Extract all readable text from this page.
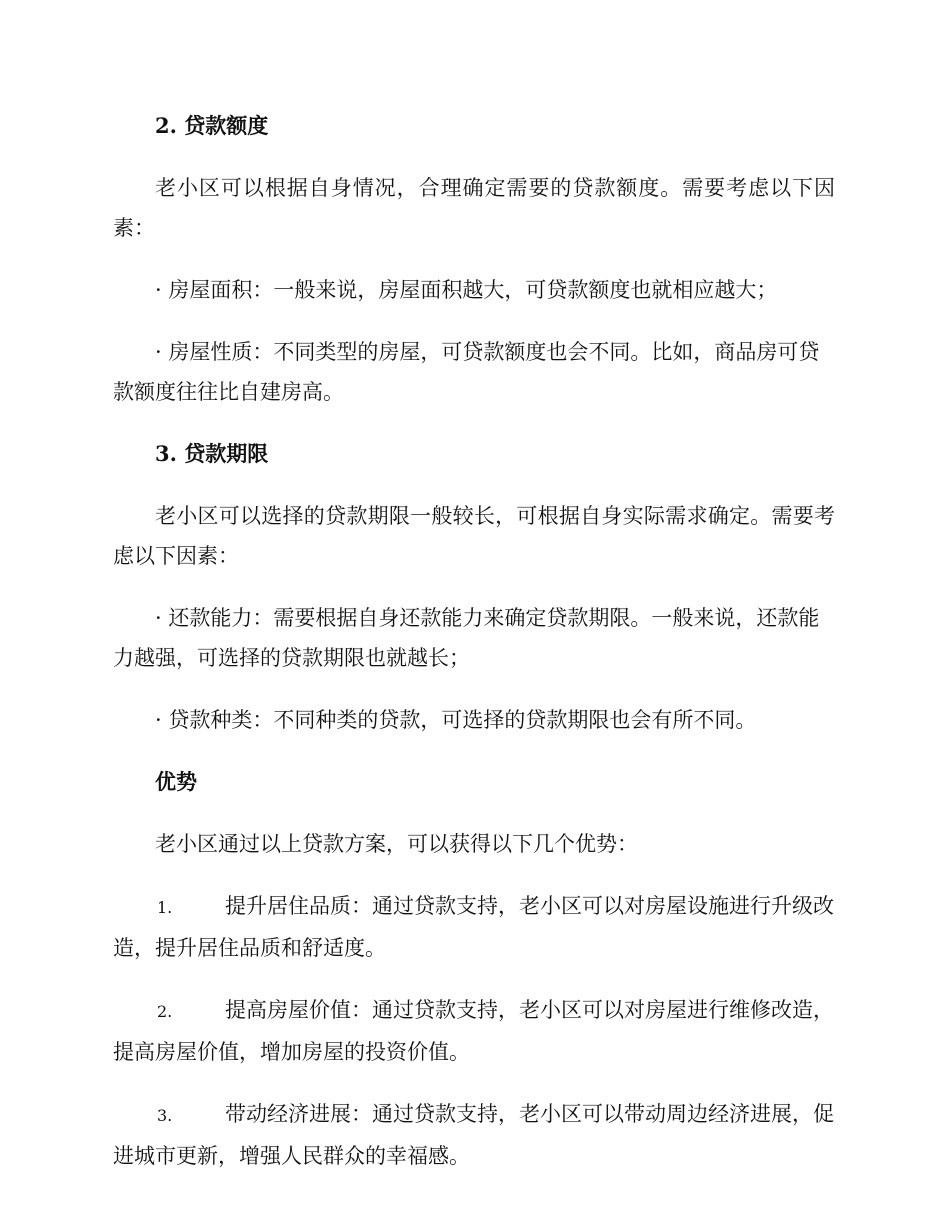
2. 贷款额度

老小区可以根据自身情况，合理确定需要的贷款额度。需要考虑以下因素：

· 房屋面积：一般来说，房屋面积越大，可贷款额度也就相应越大；

· 房屋性质：不同类型的房屋，可贷款额度也会不同。比如，商品房可贷款额度往往比自建房高。

3. 贷款期限

老小区可以选择的贷款期限一般较长，可根据自身实际需求确定。需要考虑以下因素：

· 还款能力：需要根据自身还款能力来确定贷款期限。一般来说，还款能力越强，可选择的贷款期限也就越长；

· 贷款种类：不同种类的贷款，可选择的贷款期限也会有所不同。

优势

老小区通过以上贷款方案，可以获得以下几个优势：

1.	提升居住品质：通过贷款支持，老小区可以对房屋设施进行升级改造，提升居住品质和舒适度。

2.	提高房屋价值：通过贷款支持，老小区可以对房屋进行维修改造，提高房屋价值，增加房屋的投资价值。

3.	带动经济进展：通过贷款支持，老小区可以带动周边经济进展，促进城市更新，增强人民群众的幸福感。
